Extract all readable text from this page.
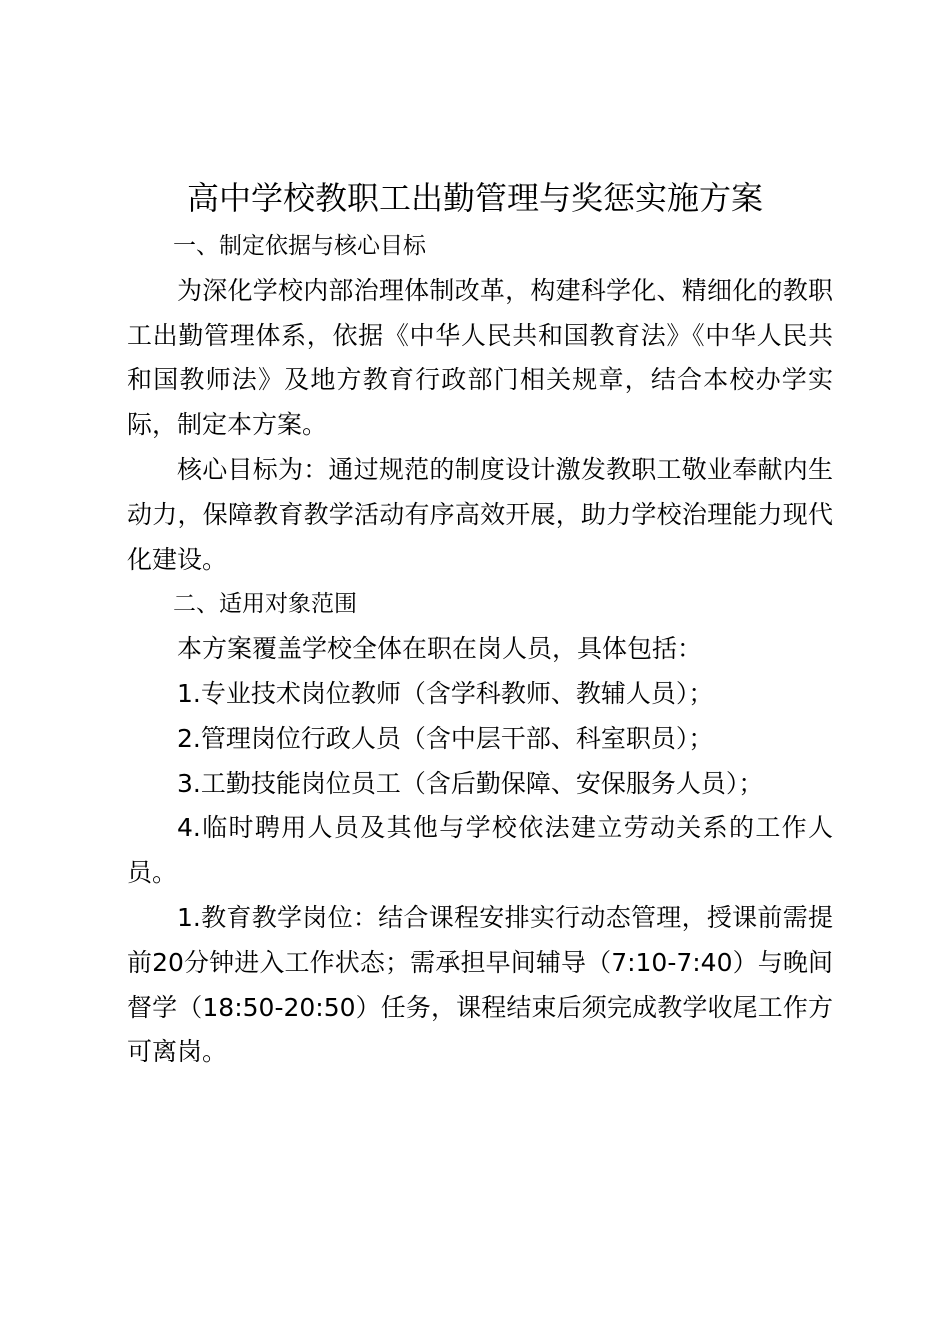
高中学校教职工出勤管理与奖惩实施方案

一、制定依据与核心目标

为深化学校内部治理体制改革，构建科学化、精细化的教职工出勤管理体系，依据《中华人民共和国教育法》《中华人民共和国教师法》及地方教育行政部门相关规章，结合本校办学实际，制定本方案。

核心目标为：通过规范的制度设计激发教职工敬业奉献内生动力，保障教育教学活动有序高效开展，助力学校治理能力现代化建设。

二、适用对象范围

本方案覆盖学校全体在职在岗人员，具体包括：

1.专业技术岗位教师（含学科教师、教辅人员）；

2.管理岗位行政人员（含中层干部、科室职员）；

3.工勤技能岗位员工（含后勤保障、安保服务人员）；

4.临时聘用人员及其他与学校依法建立劳动关系的工作人员。

1.教育教学岗位：结合课程安排实行动态管理，授课前需提前20分钟进入工作状态；需承担早间辅导（7:10-7:40）与晚间督学（18:50-20:50）任务，课程结束后须完成教学收尾工作方可离岗。
